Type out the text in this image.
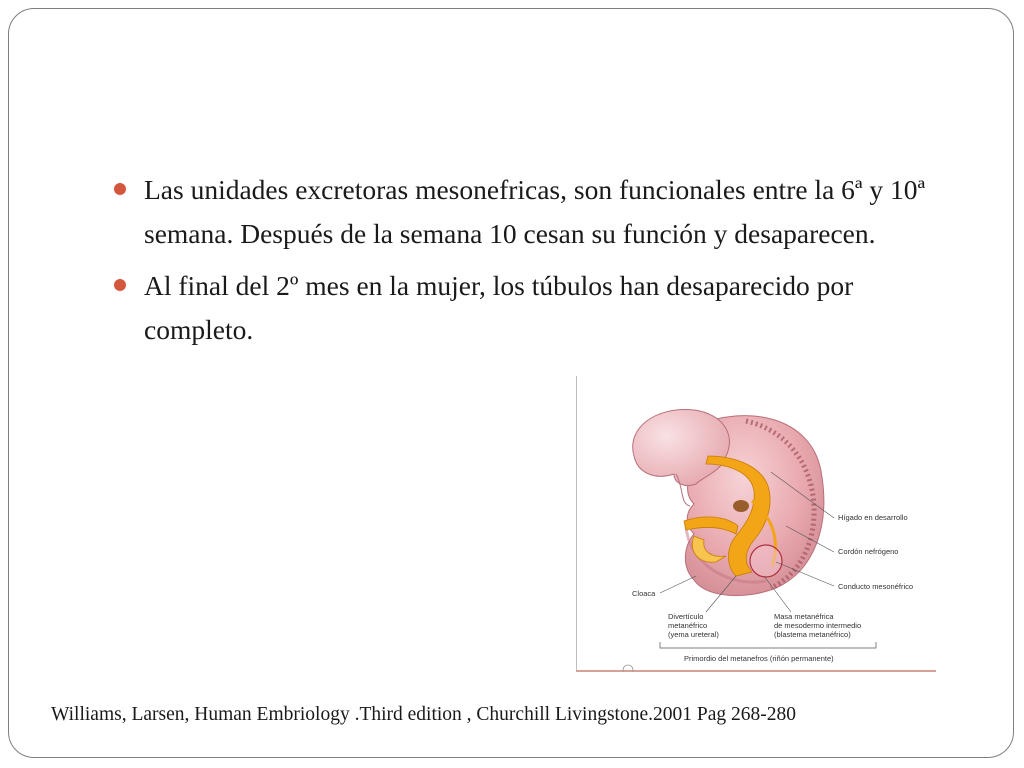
Las unidades excretoras mesonefricas, son funcionales entre la 6ª y 10ª semana. Después de la semana 10 cesan su función y desaparecen.
Al final del 2º mes en la mujer, los túbulos han desaparecido por completo.
Hígado en desarrollo
Cordón nefrógeno
Conducto mesonéfrico
Cloaca
Divertículo
metanéfrico
(yema ureteral)
Masa metanéfrica
de mesodermo intermedio
(blastema metanéfrico)
Primordio del metanefros (riñón permanente)
Williams, Larsen, Human Embriology .Third edition , Churchill Livingstone.2001 Pag 268-280
